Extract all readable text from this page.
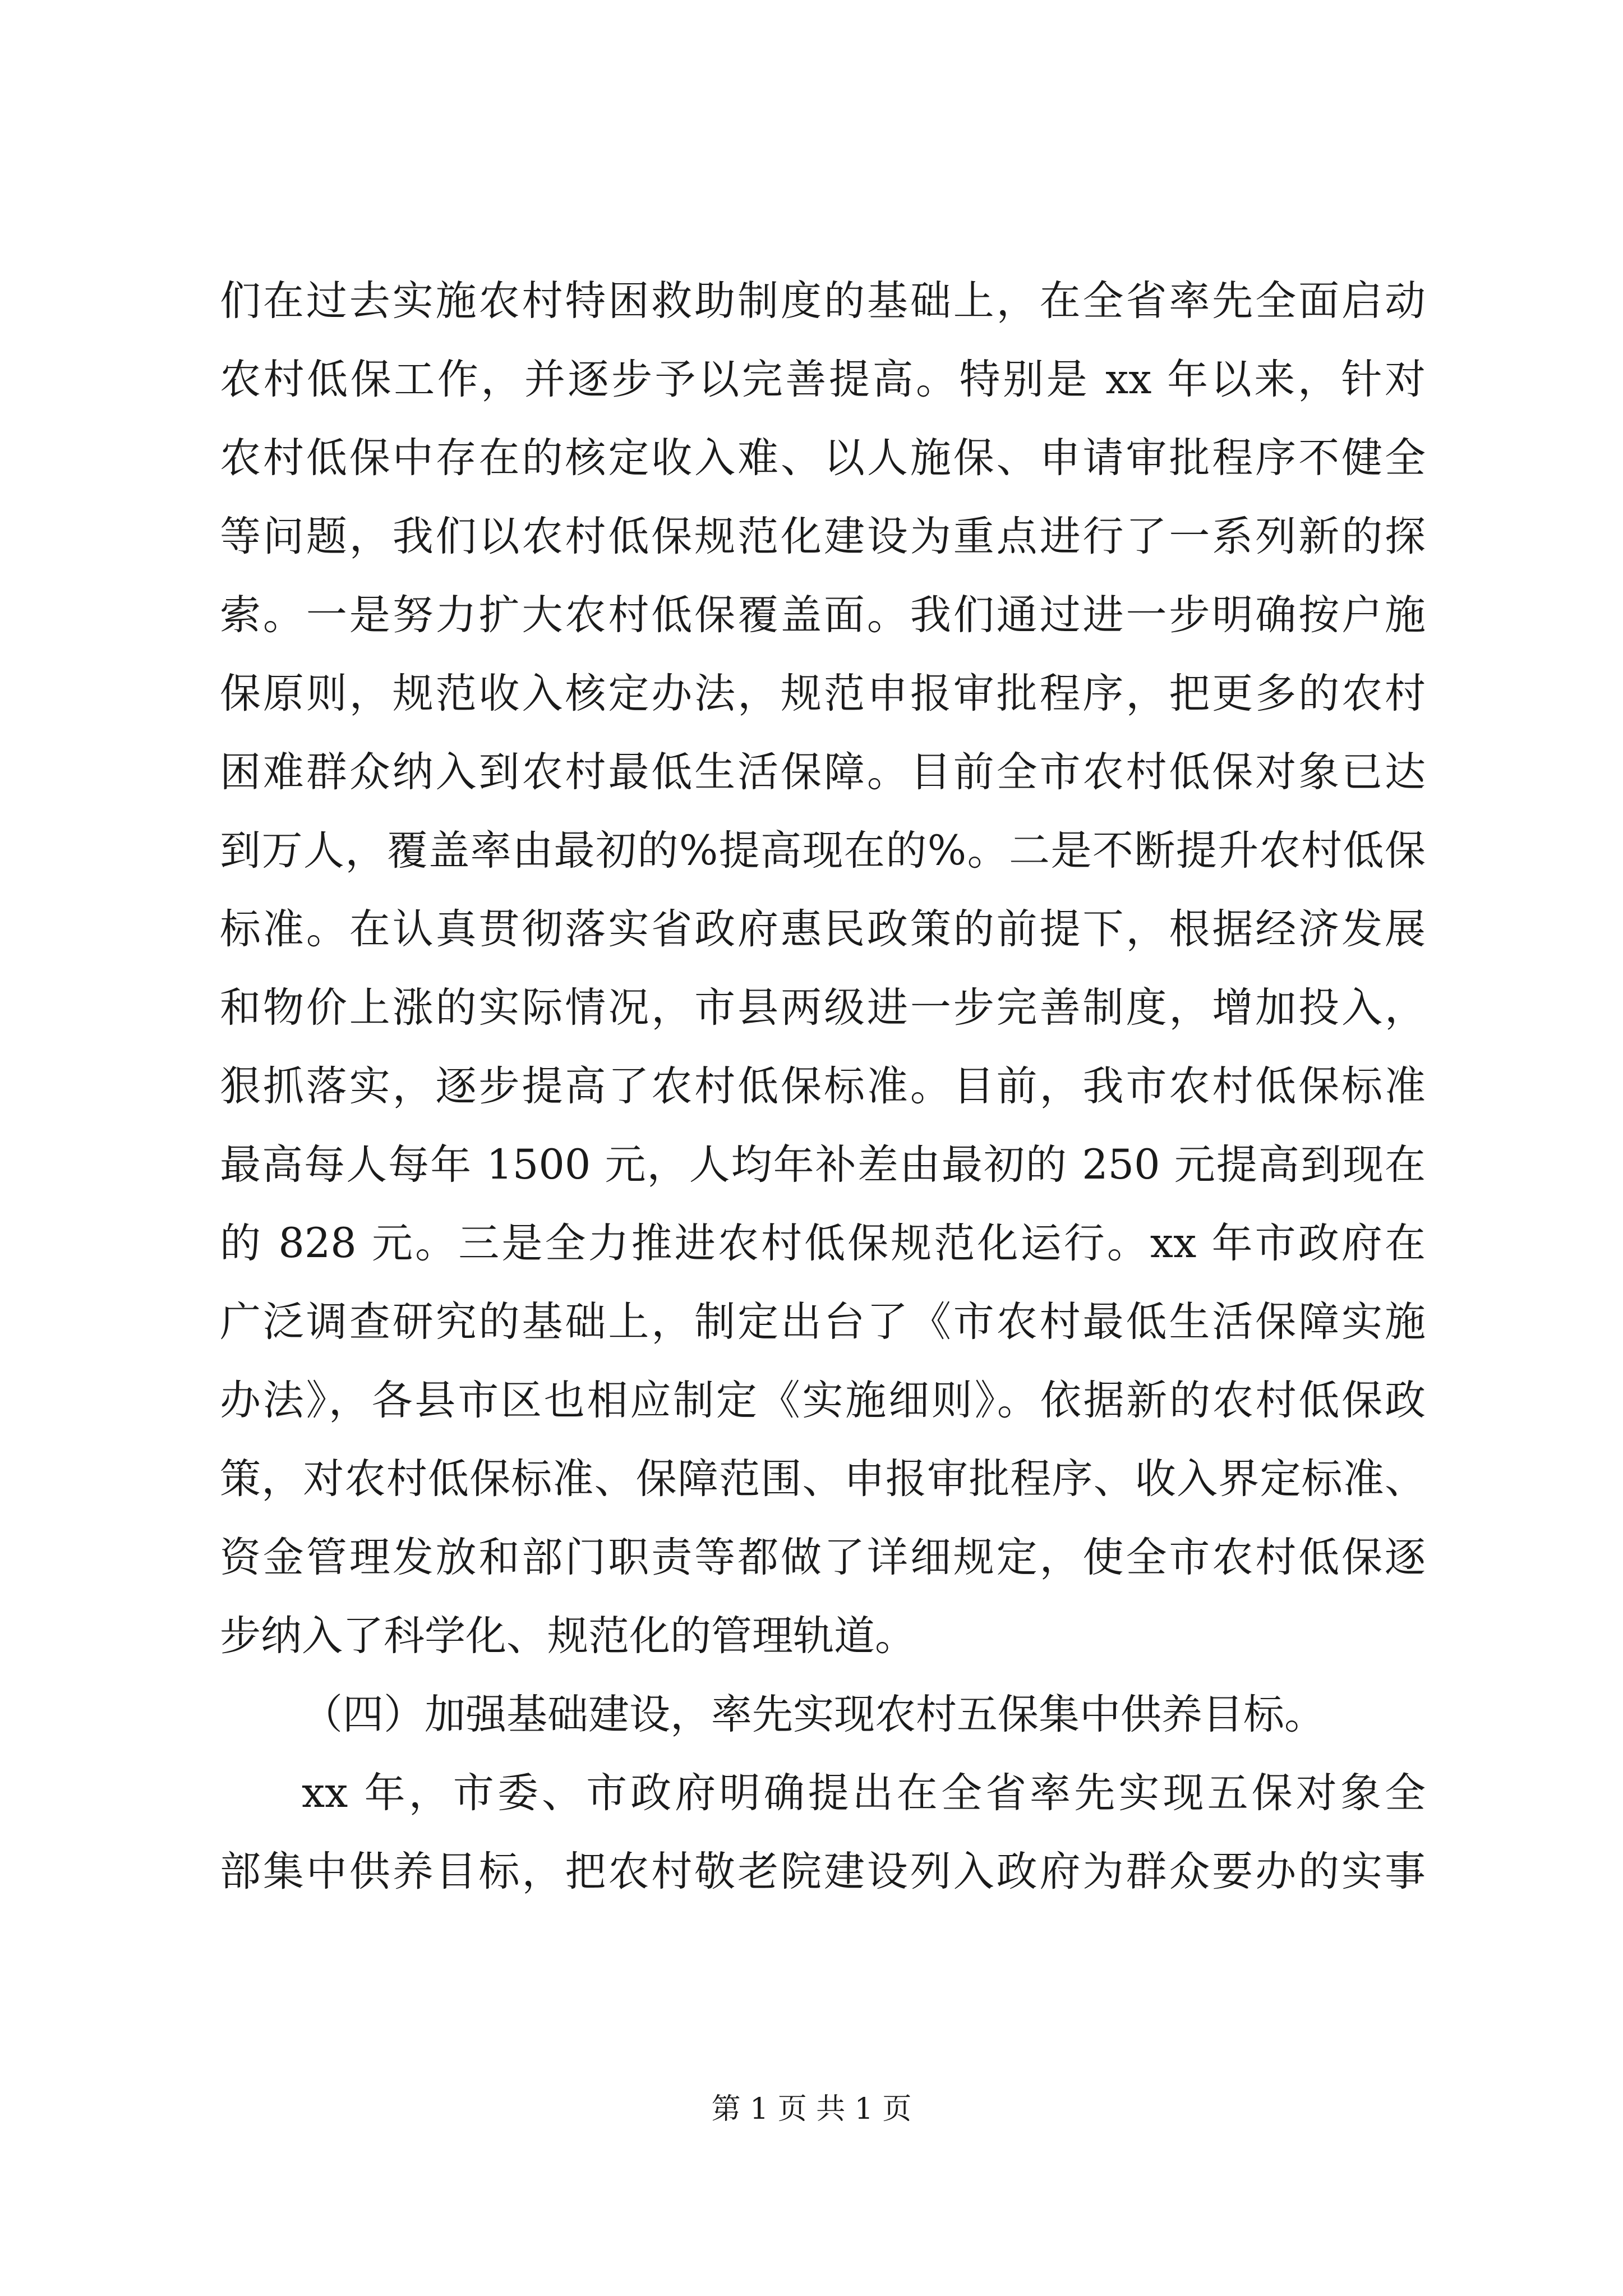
们在过去实施农村特困救助制度的基础上，在全省率先全面启动
农村低保工作，并逐步予以完善提高。特别是 xx 年以来，针对
农村低保中存在的核定收入难、以人施保、申请审批程序不健全
等问题，我们以农村低保规范化建设为重点进行了一系列新的探
索。一是努力扩大农村低保覆盖面。我们通过进一步明确按户施
保原则，规范收入核定办法，规范申报审批程序，把更多的农村
困难群众纳入到农村最低生活保障。目前全市农村低保对象已达
到万人，覆盖率由最初的%提高现在的%。二是不断提升农村低保
标准。在认真贯彻落实省政府惠民政策的前提下，根据经济发展
和物价上涨的实际情况，市县两级进一步完善制度，增加投入，
狠抓落实，逐步提高了农村低保标准。目前，我市农村低保标准
最高每人每年 1500 元，人均年补差由最初的 250 元提高到现在
的 828 元。三是全力推进农村低保规范化运行。xx 年市政府在
广泛调查研究的基础上，制定出台了《市农村最低生活保障实施
办法》，各县市区也相应制定《实施细则》。依据新的农村低保政
策，对农村低保标准、保障范围、申报审批程序、收入界定标准、
资金管理发放和部门职责等都做了详细规定，使全市农村低保逐
步纳入了科学化、规范化的管理轨道。
（四）加强基础建设，率先实现农村五保集中供养目标。
xx 年，市委、市政府明确提出在全省率先实现五保对象全
部集中供养目标，把农村敬老院建设列入政府为群众要办的实事
第 1 页 共 1 页
